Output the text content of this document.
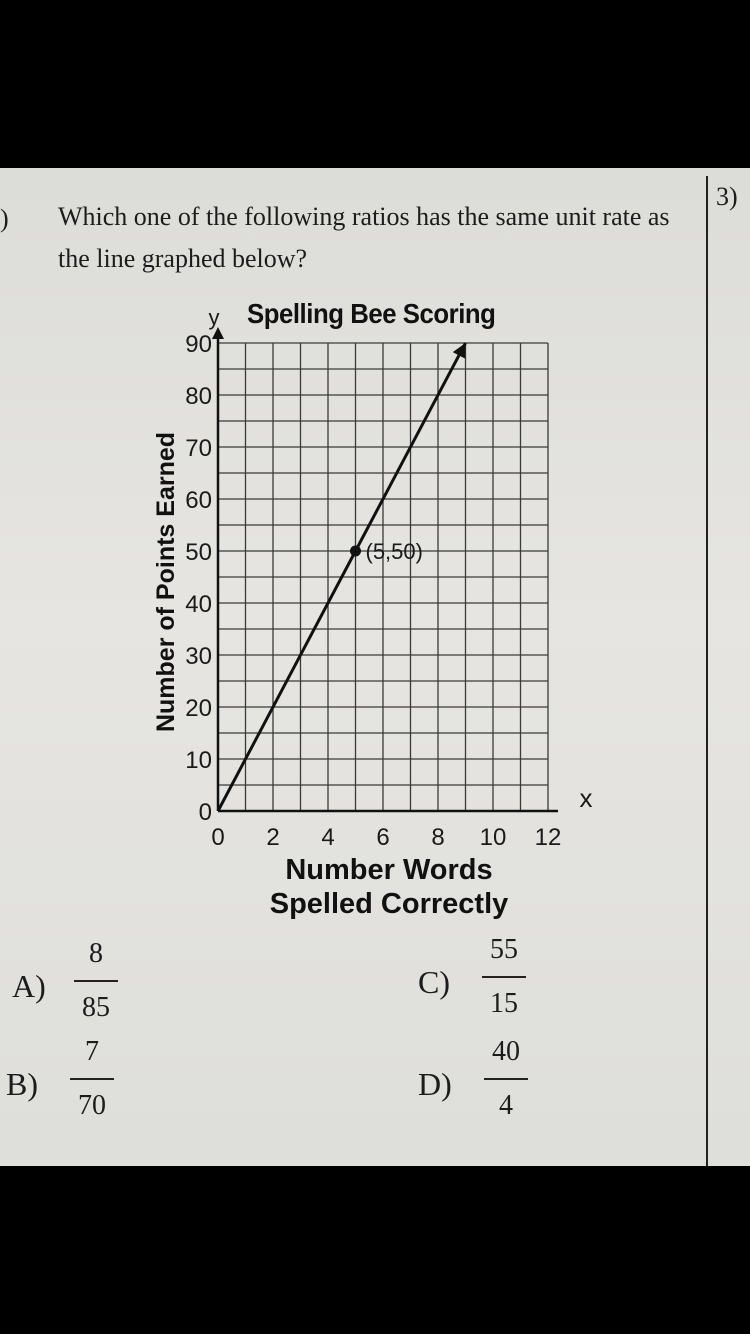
) Which one of the following ratios has the same unit rate as the line graphed below?
3)
Spelling Bee Scoring
0 2 4 6 8 10 12
0
10
20
30
40
50
60
70
80
90
(5,50)
y
x
Number of Points Earned
Number Words Spelled Correctly
A)
8
85
B)
7
70
C)
55
15
D)
40
4
